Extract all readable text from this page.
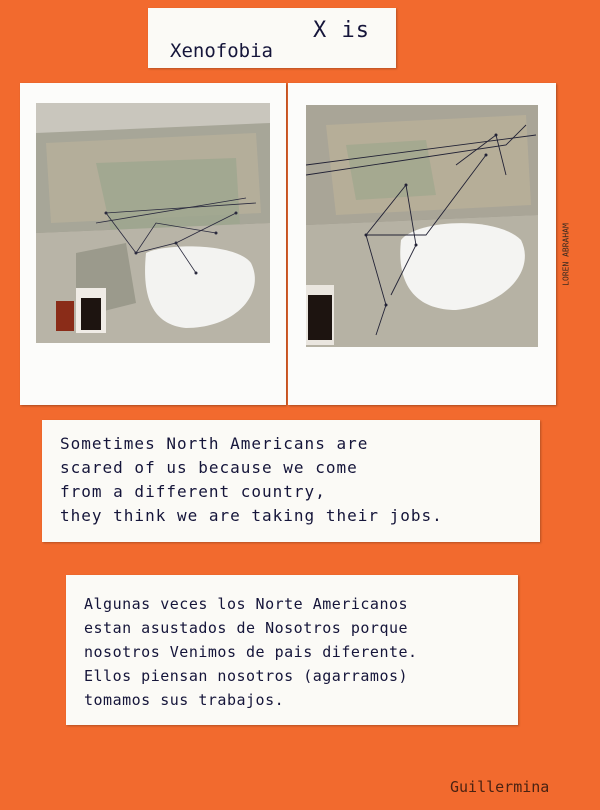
X is
Xenofobia
LOREN ABRAHAM
Sometimes North Americans are
scared of us because we come
from a different country,
they think we are taking their jobs.
Algunas veces los Norte Americanos
estan asustados de Nosotros porque
nosotros Venimos de pais diferente.
Ellos piensan nosotros (agarramos)
tomamos sus trabajos.
Guillermina
